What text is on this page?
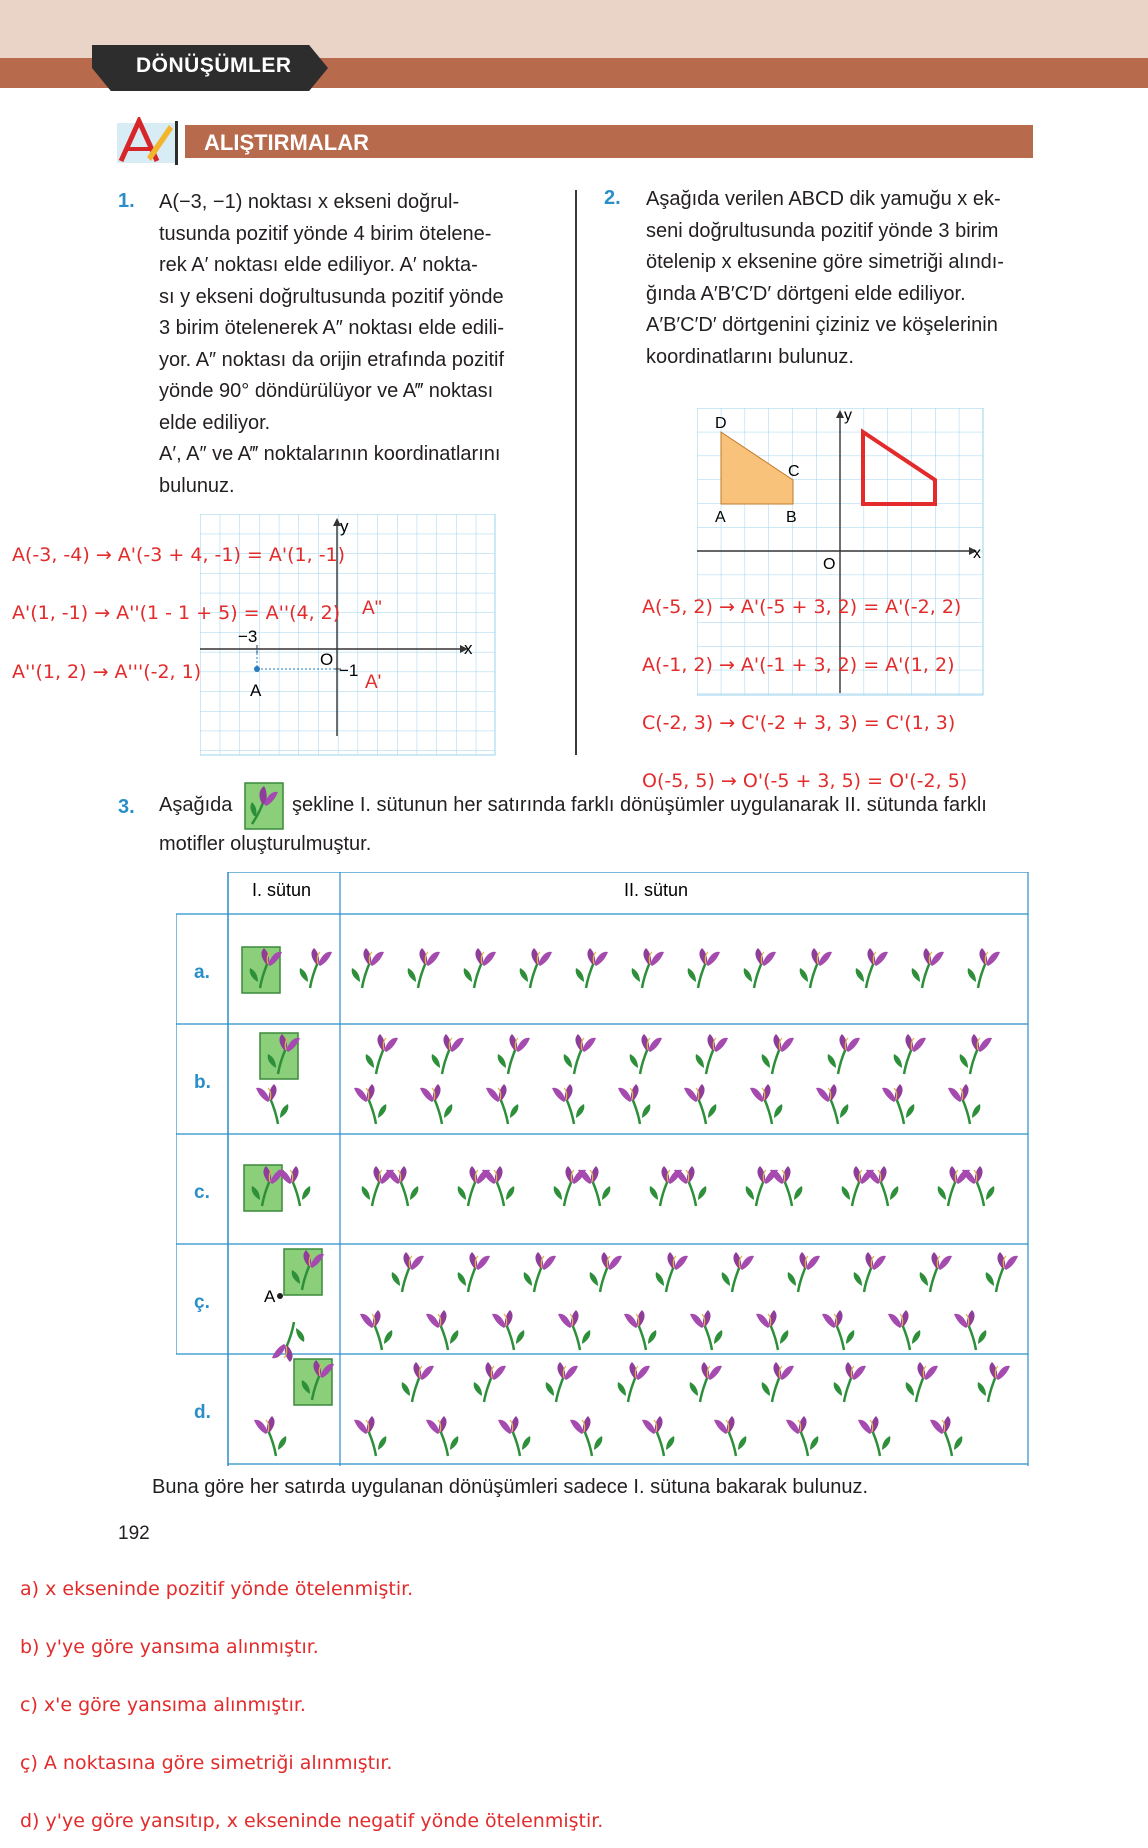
DÖNÜŞÜMLER
ALIŞTIRMALAR
1. A(−3, −1) noktası x ekseni doğrul-
tusunda pozitif yönde 4 birim ötelene-
rek A′ noktası elde ediliyor. A′ nokta-
sı y ekseni doğrultusunda pozitif yönde
3 birim ötelenerek A″ noktası elde edili-
yor. A″ noktası da orijin etrafında pozitif
yönde 90° döndürülüyor ve A‴ noktası
elde ediliyor.
A′, A″ ve A‴ noktalarının koordinatlarını
bulunuz.
y
x
O
−3
−1
A
A''
A'
A(-3, -4) → A'(-3 + 4, -1) = A'(1, -1)
A'(1, -1) → A''(1 - 1 + 5) = A''(4, 2)
A''(1, 2) → A'''(-2, 1)
2. Aşağıda verilen ABCD dik yamuğu x ek-
seni doğrultusunda pozitif yönde 3 birim
ötelenip x eksenine göre simetriği alındı-
ğında A′B′C′D′ dörtgeni elde ediliyor.
A′B′C′D′ dörtgenini çiziniz ve köşelerinin
koordinatlarını bulunuz.
D
C
A	B
O
y
x
A(-5, 2) → A'(-5 + 3, 2) = A'(-2, 2)
A(-1, 2) → A'(-1 + 3, 2) = A'(1, 2)
C(-2, 3) → C'(-2 + 3, 3) = C'(1, 3)
O(-5, 5) → O'(-5 + 3, 5) = O'(-2, 5)
3. Aşağıda	şekline I. sütunun her satırında farklı dönüşümler uygulanarak II. sütunda farklı
motifler oluşturulmuştur.
I. sütun	II. sütun
a.
b.
c.
ç.
d.
A
Buna göre her satırda uygulanan dönüşümleri sadece I. sütuna bakarak bulunuz.
192
a) x ekseninde pozitif yönde ötelenmiştir.
b) y'ye göre yansıma alınmıştır.
c) x'e göre yansıma alınmıştır.
ç) A noktasına göre simetriği alınmıştır.
d) y'ye göre yansıtıp, x ekseninde negatif yönde ötelenmiştir.
